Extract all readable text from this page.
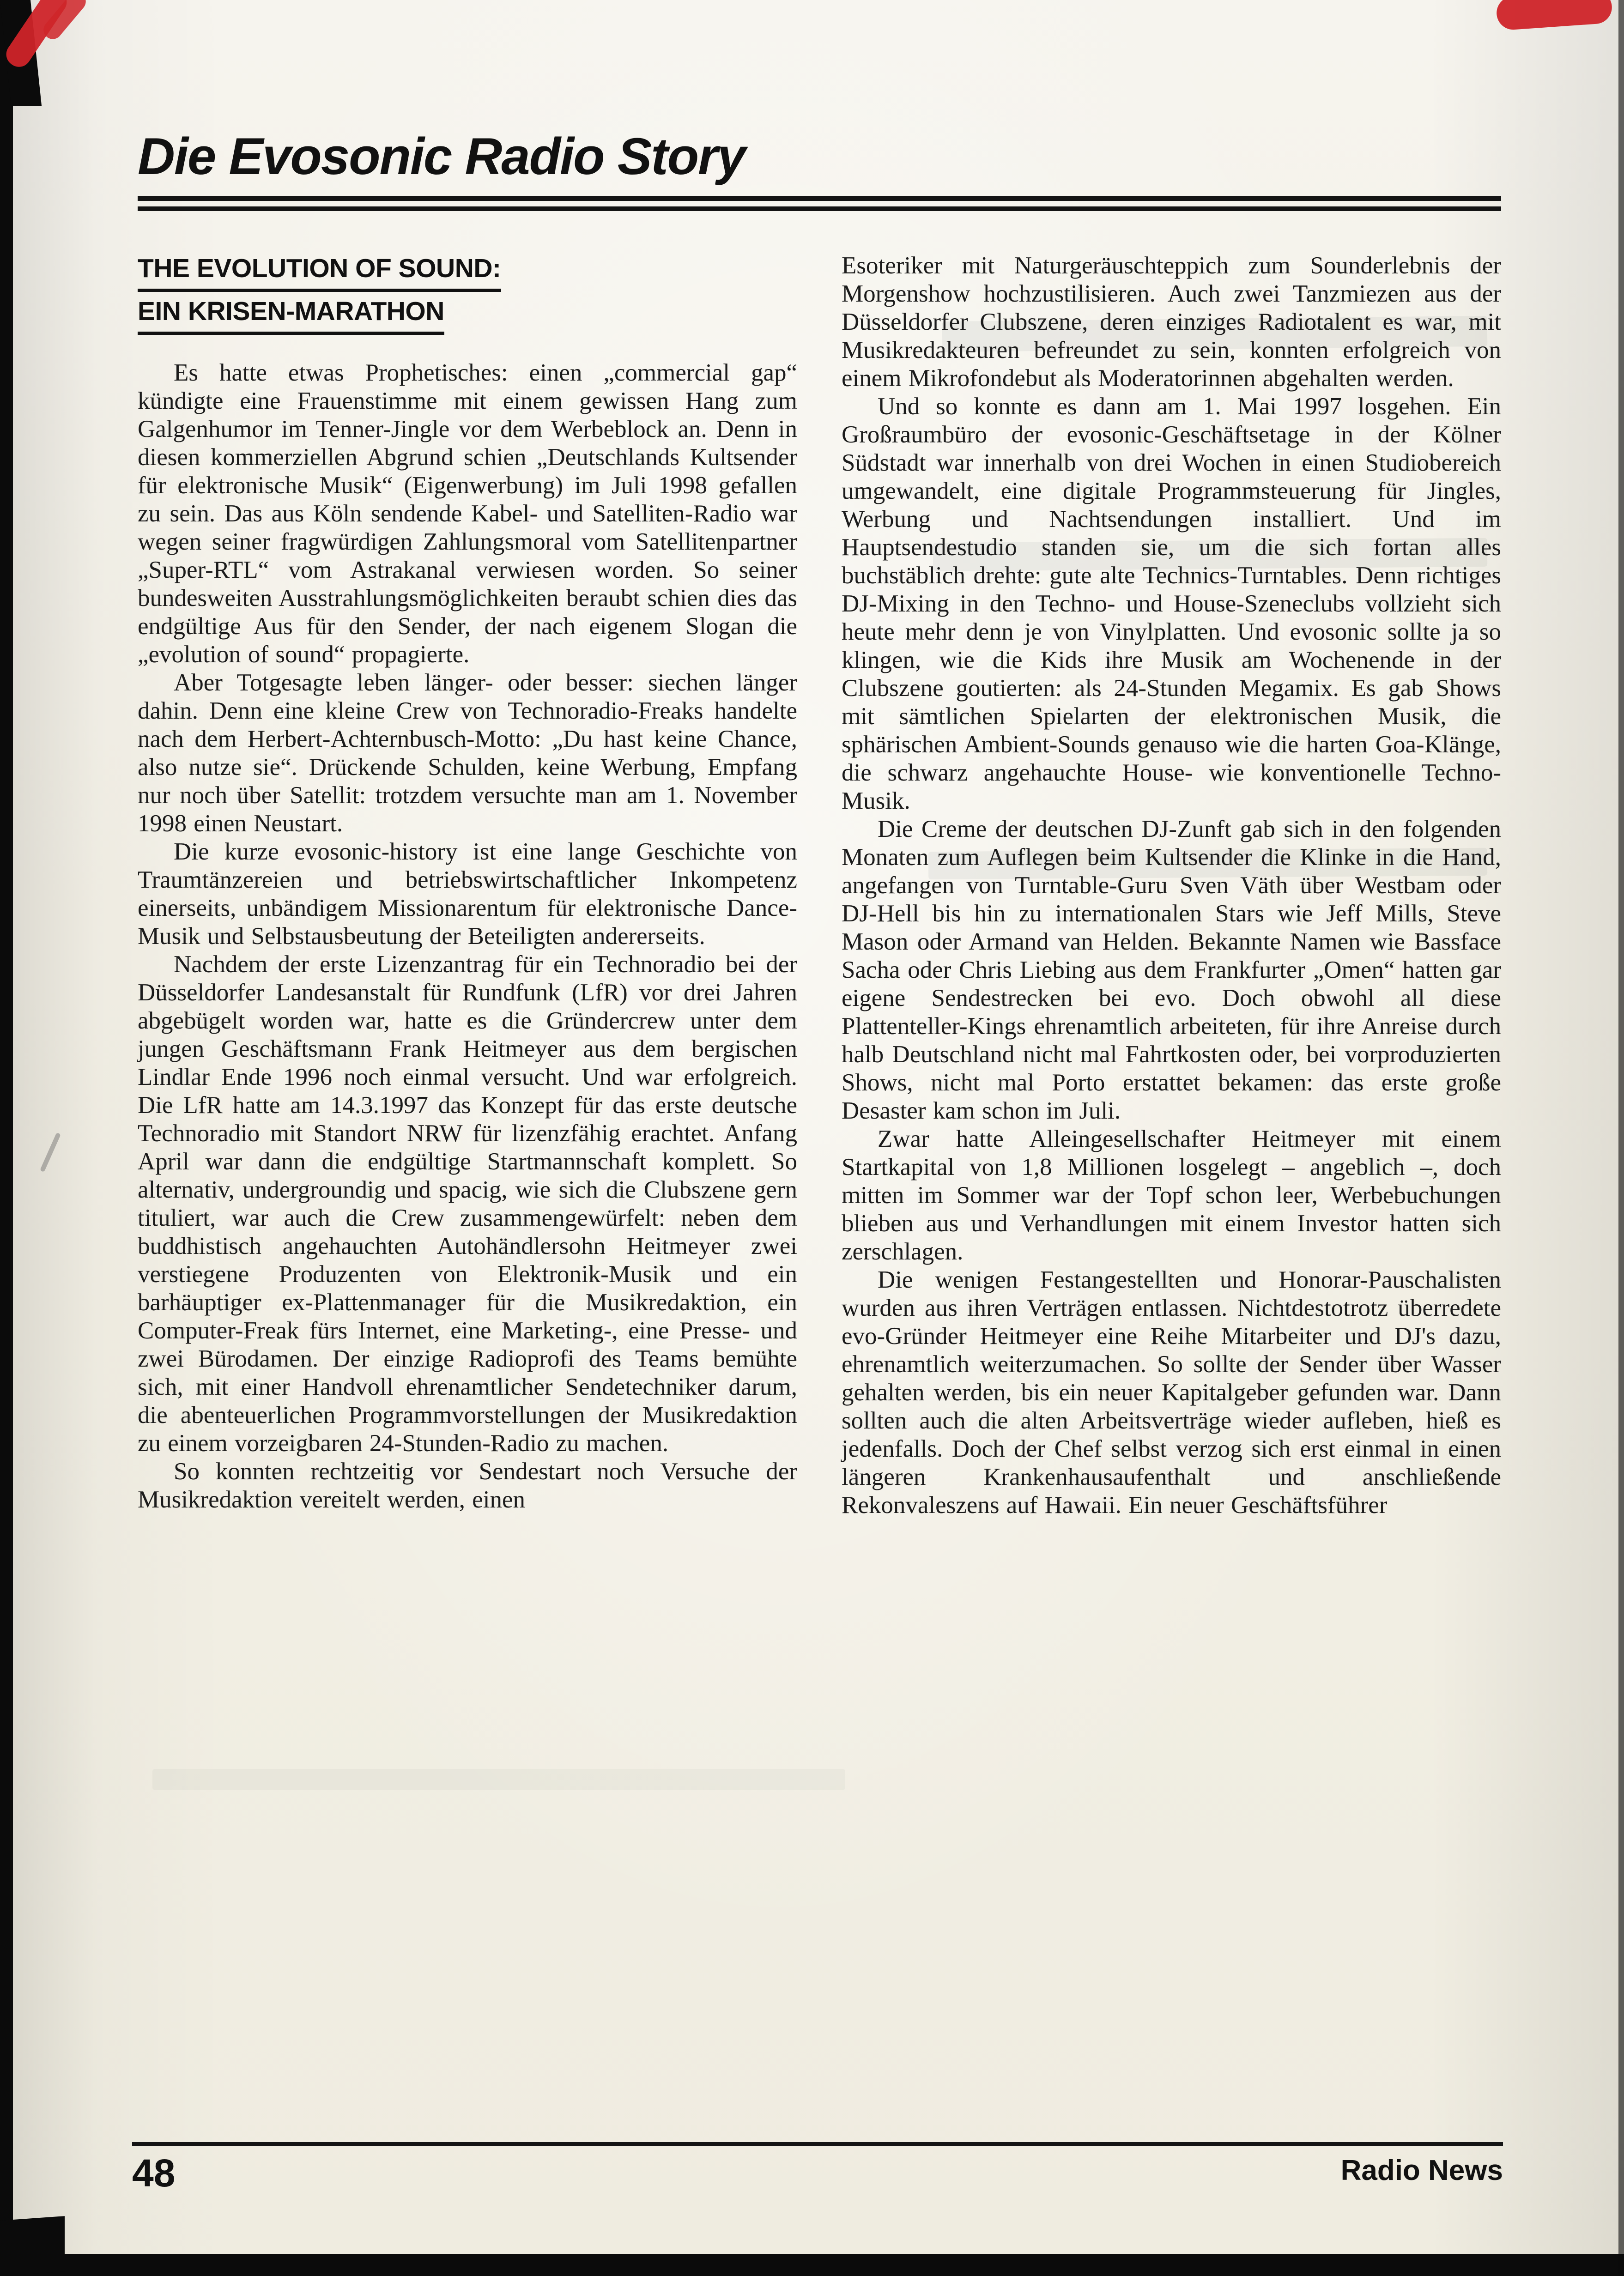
Die Evosonic Radio Story
THE EVOLUTION OF SOUND:
EIN KRISEN-MARATHON

Es hatte etwas Prophetisches: einen „commercial gap“ kündigte eine Frauenstimme mit einem gewissen Hang zum Galgenhumor im Tenner-Jingle vor dem Werbeblock an. Denn in diesen kommerziellen Abgrund schien „Deutschlands Kultsender für elektronische Musik“ (Eigenwerbung) im Juli 1998 gefallen zu sein. Das aus Köln sendende Kabel- und Satelliten-Radio war wegen seiner fragwürdigen Zahlungsmoral vom Satellitenpartner „Super-RTL“ vom Astrakanal verwiesen worden. So seiner bundesweiten Ausstrahlungsmöglichkeiten beraubt schien dies das endgültige Aus für den Sender, der nach eigenem Slogan die „evolution of sound“ propagierte.

Aber Totgesagte leben länger- oder besser: siechen länger dahin. Denn eine kleine Crew von Technoradio-Freaks handelte nach dem Herbert-Achternbusch-Motto: „Du hast keine Chance, also nutze sie“. Drückende Schulden, keine Werbung, Empfang nur noch über Satellit: trotzdem versuchte man am 1. November 1998 einen Neustart.

Die kurze evosonic-history ist eine lange Geschichte von Traumtänzereien und betriebswirtschaftlicher Inkompetenz einerseits, unbändigem Missionarentum für elektronische Dance-Musik und Selbstausbeutung der Beteiligten andererseits.

Nachdem der erste Lizenzantrag für ein Technoradio bei der Düsseldorfer Landesanstalt für Rundfunk (LfR) vor drei Jahren abgebügelt worden war, hatte es die Gründercrew unter dem jungen Geschäftsmann Frank Heitmeyer aus dem bergischen Lindlar Ende 1996 noch einmal versucht. Und war erfolgreich. Die LfR hatte am 14.3.1997 das Konzept für das erste deutsche Technoradio mit Standort NRW für lizenzfähig erachtet. Anfang April war dann die endgültige Startmannschaft komplett. So alternativ, undergroundig und spacig, wie sich die Clubszene gern tituliert, war auch die Crew zusammengewürfelt: neben dem buddhistisch angehauchten Autohändlersohn Heitmeyer zwei verstiegene Produzenten von Elektronik-Musik und ein barhäuptiger ex-Plattenmanager für die Musikredaktion, ein Computer-Freak fürs Internet, eine Marketing-, eine Presse- und zwei Bürodamen. Der einzige Radioprofi des Teams bemühte sich, mit einer Handvoll ehrenamtlicher Sendetechniker darum, die abenteuerlichen Programmvorstellungen der Musikredaktion zu einem vorzeigbaren 24-Stunden-Radio zu machen.

So konnten rechtzeitig vor Sendestart noch Versuche der Musikredaktion vereitelt werden, einen

Esoteriker mit Naturgeräuschteppich zum Sounderlebnis der Morgenshow hochzustilisieren. Auch zwei Tanzmiezen aus der Düsseldorfer Clubszene, deren einziges Radiotalent es war, mit Musikredakteuren befreundet zu sein, konnten erfolgreich von einem Mikrofondebut als Moderatorinnen abgehalten werden.

Und so konnte es dann am 1. Mai 1997 losgehen. Ein Großraumbüro der evosonic-Geschäftsetage in der Kölner Südstadt war innerhalb von drei Wochen in einen Studiobereich umgewandelt, eine digitale Programmsteuerung für Jingles, Werbung und Nachtsendungen installiert. Und im Hauptsendestudio standen sie, um die sich fortan alles buchstäblich drehte: gute alte Technics-Turntables. Denn richtiges DJ-Mixing in den Techno- und House-Szeneclubs vollzieht sich heute mehr denn je von Vinylplatten. Und evosonic sollte ja so klingen, wie die Kids ihre Musik am Wochenende in der Clubszene goutierten: als 24-Stunden Megamix. Es gab Shows mit sämtlichen Spielarten der elektronischen Musik, die sphärischen Ambient-Sounds genauso wie die harten Goa-Klänge, die schwarz angehauchte House- wie konventionelle Techno-Musik.

Die Creme der deutschen DJ-Zunft gab sich in den folgenden Monaten zum Auflegen beim Kultsender die Klinke in die Hand, angefangen von Turntable-Guru Sven Väth über Westbam oder DJ-Hell bis hin zu internationalen Stars wie Jeff Mills, Steve Mason oder Armand van Helden. Bekannte Namen wie Bassface Sacha oder Chris Liebing aus dem Frankfurter „Omen“ hatten gar eigene Sendestrecken bei evo. Doch obwohl all diese Plattenteller-Kings ehrenamtlich arbeiteten, für ihre Anreise durch halb Deutschland nicht mal Fahrtkosten oder, bei vorproduzierten Shows, nicht mal Porto erstattet bekamen: das erste große Desaster kam schon im Juli.

Zwar hatte Alleingesellschafter Heitmeyer mit einem Startkapital von 1,8 Millionen losgelegt – angeblich –, doch mitten im Sommer war der Topf schon leer, Werbebuchungen blieben aus und Verhandlungen mit einem Investor hatten sich zerschlagen.

Die wenigen Festangestellten und Honorar-Pauschalisten wurden aus ihren Verträgen entlassen. Nichtdestotrotz überredete evo-Gründer Heitmeyer eine Reihe Mitarbeiter und DJ's dazu, ehrenamtlich weiterzumachen. So sollte der Sender über Wasser gehalten werden, bis ein neuer Kapitalgeber gefunden war. Dann sollten auch die alten Arbeitsverträge wieder aufleben, hieß es jedenfalls. Doch der Chef selbst verzog sich erst einmal in einen längeren Krankenhausaufenthalt und anschließende Rekonvaleszens auf Hawaii. Ein neuer Geschäftsführer

48	Radio News
